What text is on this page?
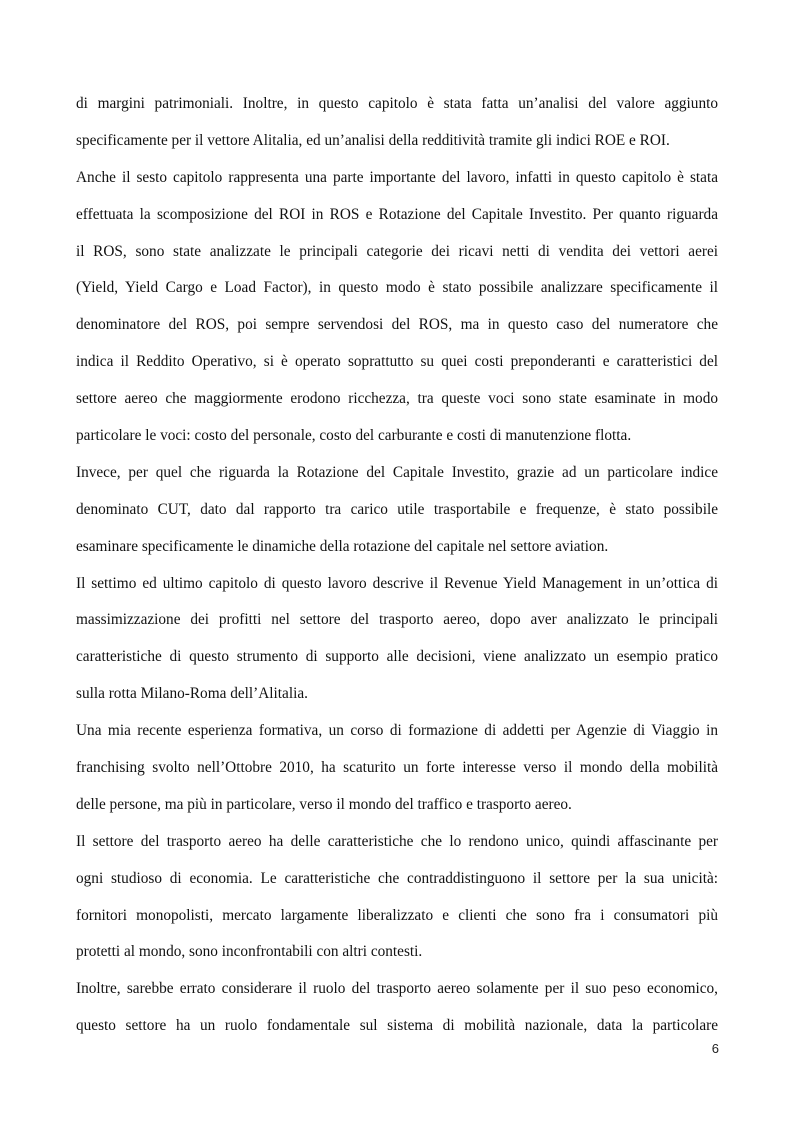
di margini patrimoniali. Inoltre, in questo capitolo è stata fatta un’analisi del valore aggiunto
specificamente per il vettore Alitalia, ed un’analisi della redditività tramite gli indici ROE e ROI.
Anche il sesto capitolo rappresenta una parte importante del lavoro, infatti in questo capitolo è stata
effettuata la scomposizione del ROI in ROS e Rotazione del Capitale Investito. Per quanto riguarda
il ROS, sono state analizzate le principali categorie dei ricavi netti di vendita dei vettori aerei
(Yield, Yield Cargo e Load Factor), in questo modo è stato possibile analizzare specificamente il
denominatore del ROS, poi sempre servendosi del ROS, ma in questo caso del numeratore che
indica il Reddito Operativo, si è operato soprattutto su quei costi preponderanti e caratteristici del
settore aereo che maggiormente erodono ricchezza, tra queste voci sono state esaminate in modo
particolare le voci: costo del personale, costo del carburante e costi di manutenzione flotta.
Invece, per quel che riguarda la Rotazione del Capitale Investito, grazie ad un particolare indice
denominato CUT, dato dal rapporto tra carico utile trasportabile e frequenze, è stato possibile
esaminare specificamente le dinamiche della rotazione del capitale nel settore aviation.
Il settimo ed ultimo capitolo di questo lavoro descrive il Revenue Yield Management in un’ottica di
massimizzazione dei profitti nel settore del trasporto aereo, dopo aver analizzato le principali
caratteristiche di questo strumento di supporto alle decisioni, viene analizzato un esempio pratico
sulla rotta Milano-Roma dell’Alitalia.
Una mia recente esperienza formativa, un corso di formazione di addetti per Agenzie di Viaggio in
franchising svolto nell’Ottobre 2010, ha scaturito un forte interesse verso il mondo della mobilità
delle persone, ma più in particolare, verso il mondo del traffico e trasporto aereo.
Il settore del trasporto aereo ha delle caratteristiche che lo rendono unico, quindi affascinante per
ogni studioso di economia. Le caratteristiche che contraddistinguono il settore per la sua unicità:
fornitori monopolisti, mercato largamente liberalizzato e clienti che sono fra i consumatori più
protetti al mondo, sono inconfrontabili con altri contesti.
Inoltre, sarebbe errato considerare il ruolo del trasporto aereo solamente per il suo peso economico,
questo settore ha un ruolo fondamentale sul sistema di mobilità nazionale, data la particolare
6
